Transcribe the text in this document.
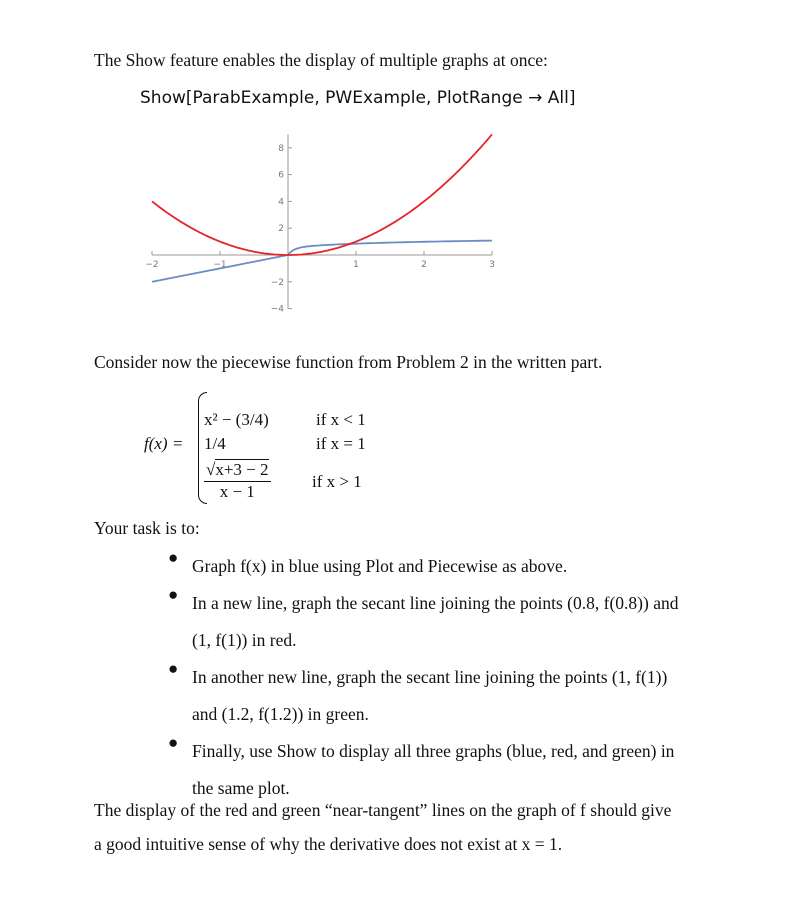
The Show feature enables the display of multiple graphs at once:
Show[ParabExample, PWExample, PlotRange → All]
−2	−1	1	2	3
8
6
4
2
−2
−4
Consider now the piecewise function from Problem 2 in the written part.
f(x) =
x² − (3/4)	if x < 1
1/4	if x = 1
$\frac{√x+3 - 2}{x - 1}$ if x > 1
Your task is to:
● Graph f(x) in blue using Plot and Piecewise as above.
● In a new line, graph the secant line joining the points (0.8, f(0.8)) and
(1, f(1)) in red.
● In another new line, graph the secant line joining the points (1, f(1))
and (1.2, f(1.2)) in green.
● Finally, use Show to display all three graphs (blue, red, and green) in
the same plot.
The display of the red and green “near-tangent” lines on the graph of f should give
a good intuitive sense of why the derivative does not exist at x = 1.
